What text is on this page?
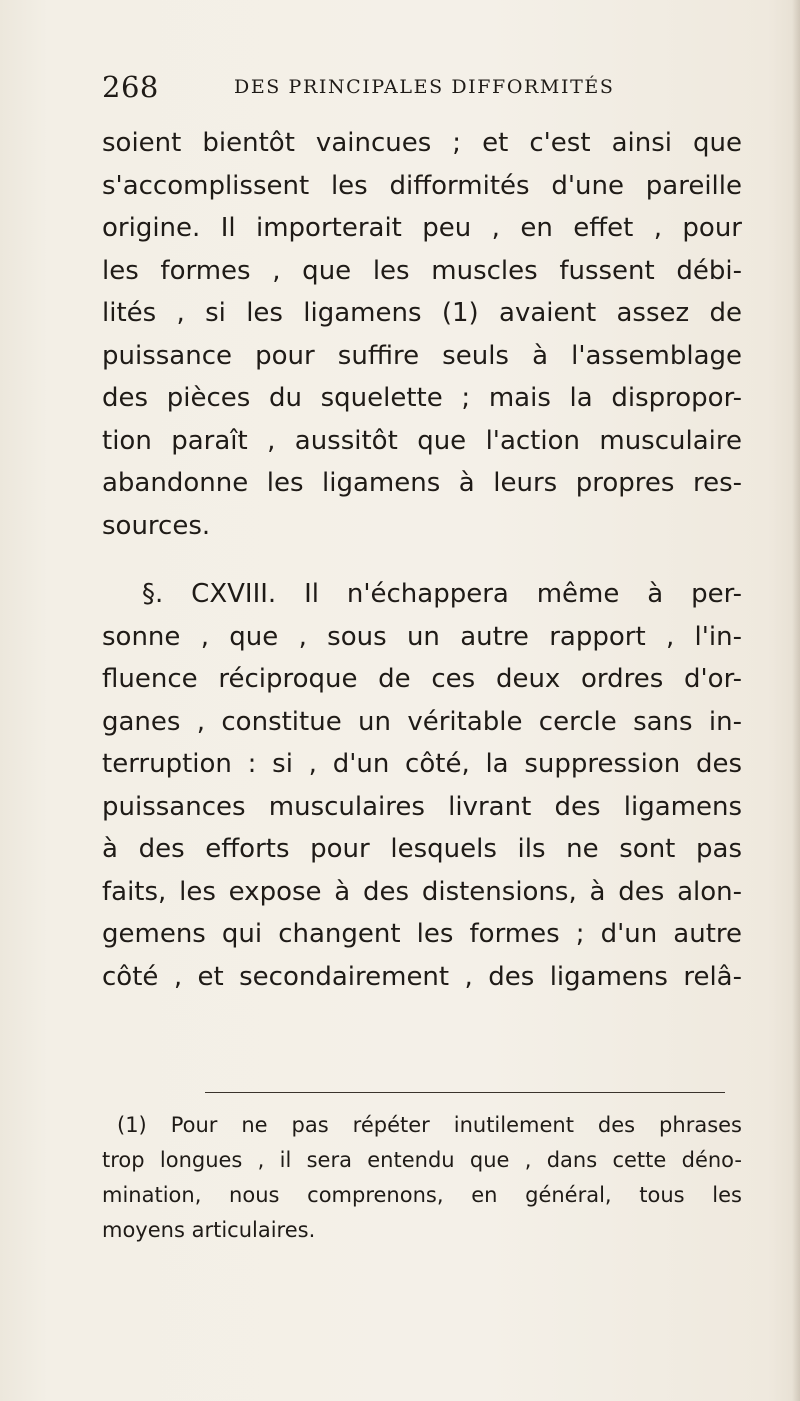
268	DES PRINCIPALES DIFFORMITÉS
soient bientôt vaincues ; et c'est ainsi que
s'accomplissent les difformités d'une pareille
origine. Il importerait peu , en effet , pour
les formes , que les muscles fussent débi-
lités , si les ligamens (1) avaient assez de
puissance pour suffire seuls à l'assemblage
des pièces du squelette ; mais la dispropor-
tion paraît , aussitôt que l'action musculaire
abandonne les ligamens à leurs propres res-
sources.
§. CXVIII. Il n'échappera même à per-
sonne , que , sous un autre rapport , l'in-
fluence réciproque de ces deux ordres d'or-
ganes , constitue un véritable cercle sans in-
terruption : si , d'un côté, la suppression des
puissances musculaires livrant des ligamens
à des efforts pour lesquels ils ne sont pas
faits, les expose à des distensions, à des alon-
gemens qui changent les formes ; d'un autre
côté , et secondairement , des ligamens relâ-
(1) Pour ne pas répéter inutilement des phrases
trop longues , il sera entendu que , dans cette déno-
mination, nous comprenons, en général, tous les
moyens articulaires.
